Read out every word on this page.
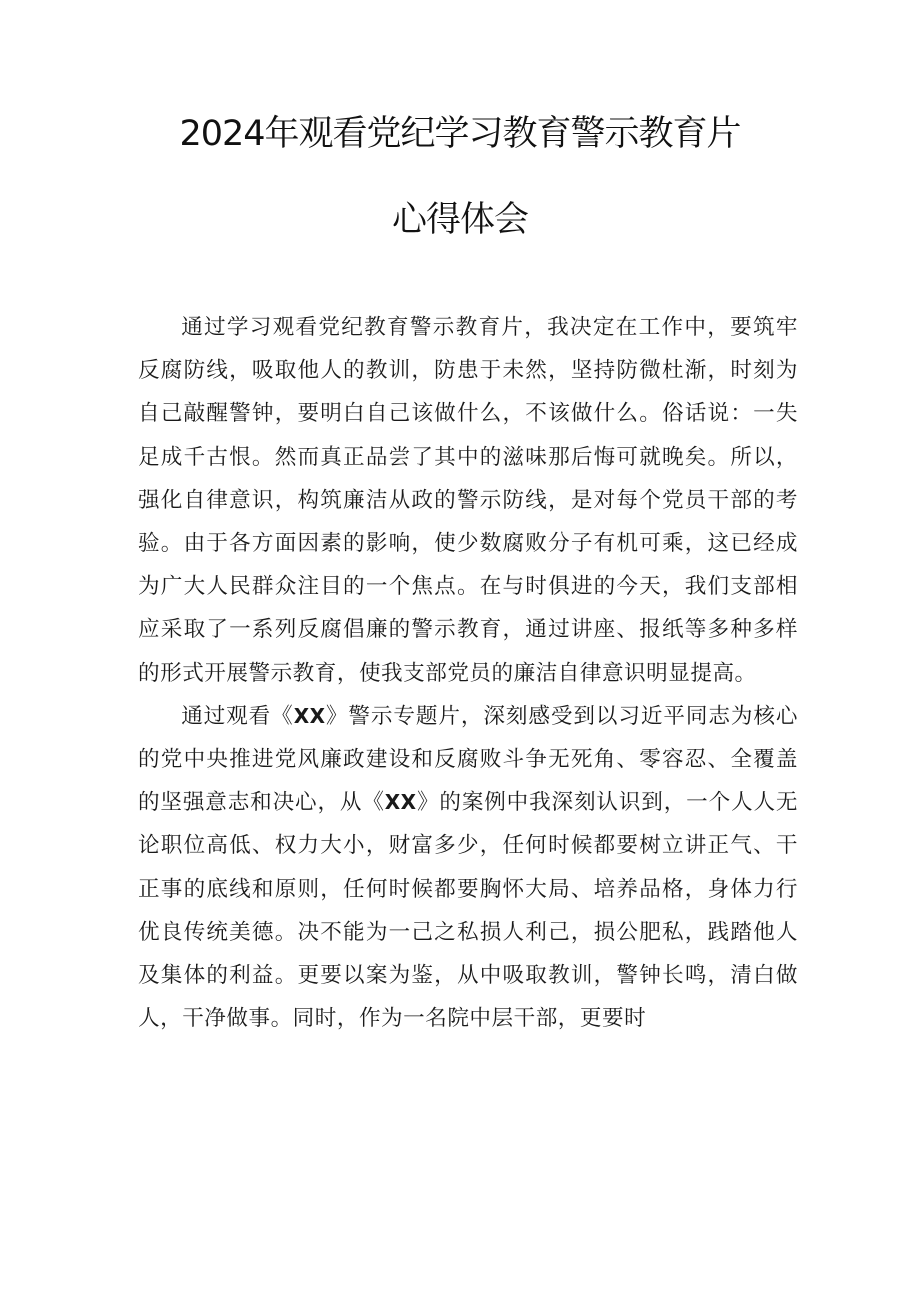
2024年观看党纪学习教育警示教育片
心得体会

通过学习观看党纪教育警示教育片，我决定在工作中，要筑牢反腐防线，吸取他人的教训，防患于未然，坚持防微杜渐，时刻为自己敲醒警钟，要明白自己该做什么，不该做什么。俗话说：一失足成千古恨。然而真正品尝了其中的滋味那后悔可就晚矣。所以，强化自律意识，构筑廉洁从政的警示防线，是对每个党员干部的考验。由于各方面因素的影响，使少数腐败分子有机可乘，这已经成为广大人民群众注目的一个焦点。在与时俱进的今天，我们支部相应采取了一系列反腐倡廉的警示教育，通过讲座、报纸等多种多样的形式开展警示教育，使我支部党员的廉洁自律意识明显提高。

通过观看《XX》警示专题片，深刻感受到以习近平同志为核心的党中央推进党风廉政建设和反腐败斗争无死角、零容忍、全覆盖的坚强意志和决心，从《XX》的案例中我深刻认识到，一个人人无论职位高低、权力大小，财富多少，任何时候都要树立讲正气、干正事的底线和原则，任何时候都要胸怀大局、培养品格，身体力行优良传统美德。决不能为一己之私损人利己，损公肥私，践踏他人及集体的利益。更要以案为鉴，从中吸取教训，警钟长鸣，清白做人，干净做事。同时，作为一名院中层干部，更要时
